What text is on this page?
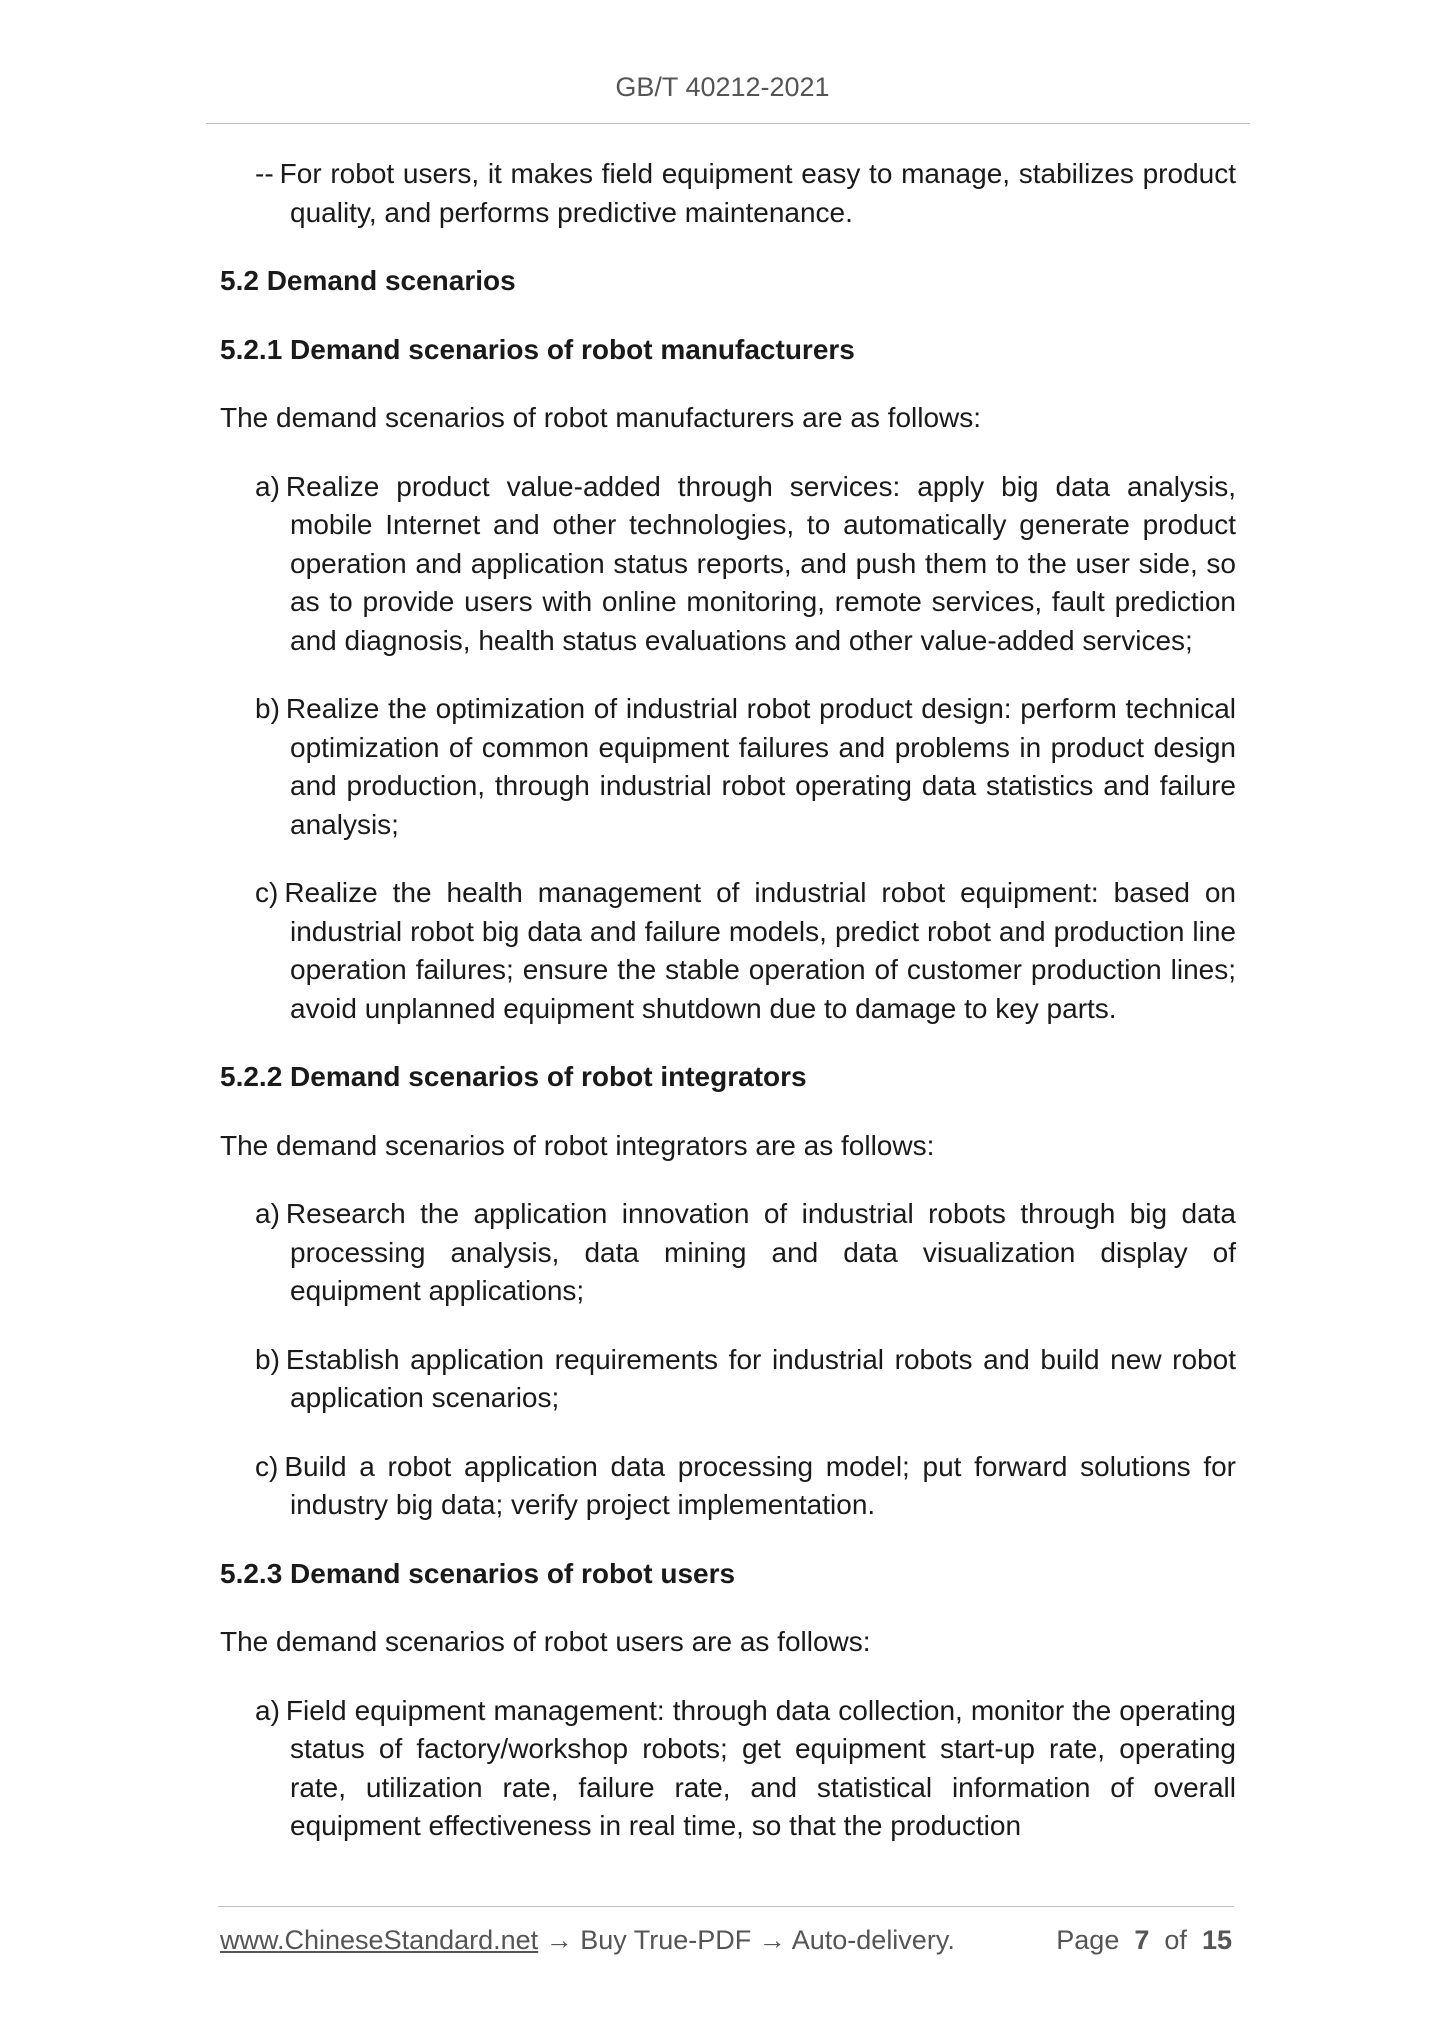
GB/T 40212-2021
-- For robot users, it makes field equipment easy to manage, stabilizes product quality, and performs predictive maintenance.
5.2 Demand scenarios
5.2.1 Demand scenarios of robot manufacturers
The demand scenarios of robot manufacturers are as follows:
a) Realize product value-added through services: apply big data analysis, mobile Internet and other technologies, to automatically generate product operation and application status reports, and push them to the user side, so as to provide users with online monitoring, remote services, fault prediction and diagnosis, health status evaluations and other value-added services;
b) Realize the optimization of industrial robot product design: perform technical optimization of common equipment failures and problems in product design and production, through industrial robot operating data statistics and failure analysis;
c) Realize the health management of industrial robot equipment: based on industrial robot big data and failure models, predict robot and production line operation failures; ensure the stable operation of customer production lines; avoid unplanned equipment shutdown due to damage to key parts.
5.2.2 Demand scenarios of robot integrators
The demand scenarios of robot integrators are as follows:
a) Research the application innovation of industrial robots through big data processing analysis, data mining and data visualization display of equipment applications;
b) Establish application requirements for industrial robots and build new robot application scenarios;
c) Build a robot application data processing model; put forward solutions for industry big data; verify project implementation.
5.2.3 Demand scenarios of robot users
The demand scenarios of robot users are as follows:
a) Field equipment management: through data collection, monitor the operating status of factory/workshop robots; get equipment start-up rate, operating rate, utilization rate, failure rate, and statistical information of overall equipment effectiveness in real time, so that the production
www.ChineseStandard.net → Buy True-PDF → Auto-delivery.	Page 7 of 15
